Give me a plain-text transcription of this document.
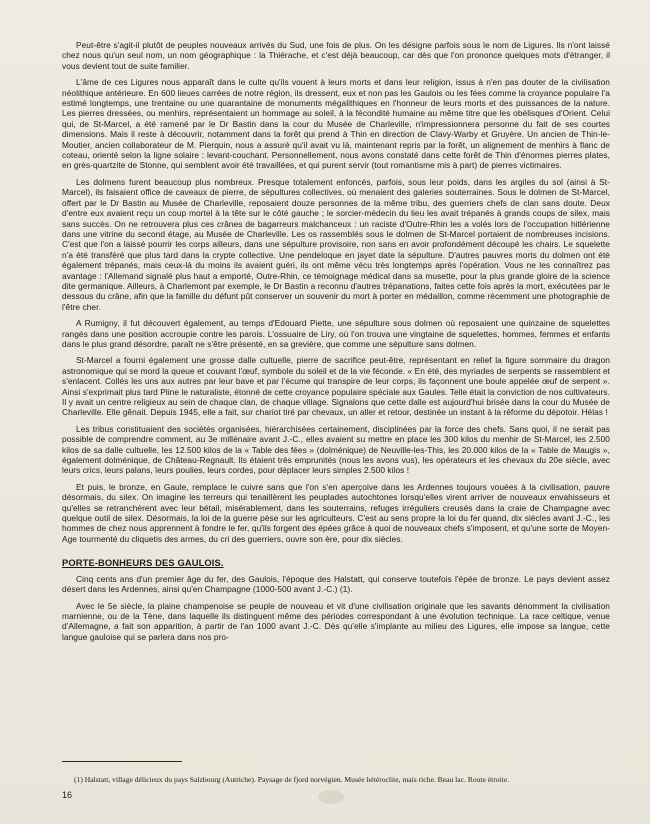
Peut-être s'agit-il plutôt de peuples nouveaux arrivés du Sud, une fois de plus. On les désigne parfois sous le nom de Ligures. Ils n'ont laissé chez nous qu'un seul nom, un nom géographique : la Thiérache, et c'est déjà beaucoup, car dès que l'on prononce quelques mots d'étranger, il vous devient tout de suite familier.

L'âme de ces Ligures nous apparaît dans le culte qu'ils vouent à leurs morts et dans leur religion, issus à n'en pas douter de la civilisation néolithique antérieure. En 600 lieues carrées de notre région, ils dressent, eux et non pas les Gaulois ou les fées comme la croyance populaire l'a estimé longtemps, une trentaine ou une quarantaine de monuments mégalithiques en l'honneur de leurs morts et des puissances de la nature. Les pierres dressées, ou menhirs, représentaient un hommage au soleil, à la fécondité humaine au même titre que les obélisques d'Orient. Celui qui, de St-Marcel, a été ramené par le Dr Bastin dans la cour du Musée de Charleville, n'impressionnera personne du fait de ses courtes dimensions. Mais il reste à découvrir, notamment dans la forêt qui prend à Thin en direction de Clavy-Warby et Gruyère. Un ancien de Thin-le-Moutier, ancien collaborateur de M. Pierquin, nous a assuré qu'il avait vu là, maintenant repris par la forêt, un alignement de menhirs à flanc de coteau, orienté selon la ligne solaire : levant-couchant. Personnellement, nous avons constaté dans cette forêt de Thin d'énormes pierres plates, en grès-quartzite de Stonne, qui semblent avoir été travaillées, et qui purent servir (tout romantisme mis à part) de pierres victimaires.

Les dolmens furent beaucoup plus nombreux. Presque totalement enfoncés, parfois, sous leur poids, dans les argiles du sol (ainsi à St-Marcel), ils faisaient office de caveaux de pierre, de sépultures collectives, où menaient des galeries souterraines. Sous le dolmen de St-Marcel, offert par le Dr Bastin au Musée de Charleville, reposaient douze personnes de la même tribu, des guerriers chefs de clan sans doute. Deux d'entre eux avaient reçu un coup mortel à la tête sur le côté gauche ; le sorcier-médecin du lieu les avait trépanés à grands coups de silex, mais sans succès. On ne retrouvera plus ces crânes de bagarreurs malchanceux : un raciste d'Outre-Rhin les a volés lors de l'occupation hitlérienne dans une vitrine du second étage, au Musée de Charleville. Les os rassemblés sous le dolmen de St-Marcel portaient de nombreuses incisions. C'est que l'on a laissé pourrir les corps ailleurs, dans une sépulture provisoire, non sans en avoir profondément découpé les chairs. Le squelette n'a été transféré que plus tard dans la crypte collective. Une pendeloque en jayet date la sépulture. D'autres pauvres morts du dolmen ont été également trépanés, mais ceux-là du moins ils avaient guéri, ils ont même vécu très longtemps après l'opération. Vous ne les connaîtrez pas avantage : l'Allemand signalé plus haut a emporté, Outre-Rhin, ce témoignage médical dans sa musette, pour la plus grande gloire de la science dite germanique. Ailleurs, à Charlemont par exemple, le Dr Bastin a reconnu d'autres trépanations, faites cette fois après la mort, exécutées par le dessous du crâne, afin que la famille du défunt pût conserver un souvenir du mort à porter en médaillon, comme récemment une photographie de l'être cher.

A Rumigny, il fut découvert également, au temps d'Edouard Piette, une sépulture sous dolmen où reposaient une quinzaine de squelettes rangés dans une position accroupie contre les parois. L'ossuaire de Liry, où l'on trouva une vingtaine de squelettes, hommes, femmes et enfants dans le plus grand désordre, paraît ne s'être présenté, en sa grevière, que comme une sépulture sans dolmen.

St-Marcel a fourni également une grosse dalle cultuelle, pierre de sacrifice peut-être, représentant en relief la figure sommaire du dragon astronomique qui se mord la queue et couvant l'œuf, symbole du soleil et de la vie féconde. « En été, des myriades de serpents se rassemblent et s'enlacent. Collés les uns aux autres par leur bave et par l'écume qui transpire de leur corps, ils façonnent une boule appelée œuf de serpent ». Ainsi s'exprimait plus tard Pline le naturaliste, étonné de cette croyance populaire spéciale aux Gaules. Telle était la conviction de nos cultivateurs. Il y avait un centre religieux au sein de chaque clan, de chaque village. Signalons que cette dalle est aujourd'hui brisée dans la cour du Musée de Charleville. Elle gênait. Depuis 1945, elle a fait, sur chariot tiré par chevaux, un aller et retour, destinée un instant à la réforme du dépotoir. Hélas !

Les tribus constituaient des sociétés organisées, hiérarchisées certainement, disciplinées par la force des chefs. Sans quoi, il ne serait pas possible de comprendre comment, au 3e millénaire avant J.-C., elles avaient su mettre en place les 300 kilos du menhir de St-Marcel, les 2.500 kilos de sa dalle cultuelle, les 12.500 kilos de la « Table des fées » (dolménique) de Neuville-les-This, les 20.000 kilos de la « Table de Maugis », également dolménique, de Château-Regnault. Ils étaient très emprunités (nous les avons vus), les opérateurs et les chevaux du 20e siècle, avec leurs crics, leurs palans, leurs poulies, leurs cordes, pour déplacer leurs simples 2.500 kilos !

Et puis, le bronze, en Gaule, remplace le cuivre sans que l'on s'en aperçoive dans les Ardennes toujours vouées à la civilisation, pauvre désormais, du silex. On imagine les terreurs qui tenaillèrent les peuplades autochtones lorsqu'elles virent arriver de nouveaux envahisseurs et qu'elles se retranchèrent avec leur bétail, misérablement, dans les souterrains, refuges irréguliers creusés dans la craie de Champagne avec quelque outil de silex. Désormais, la loi de la guerre pèse sur les agriculteurs. C'est au sens propre la loi du fer quand, dix siècles avant J.-C., les hommes de chez nous apprennent à fondre le fer, qu'ils forgent des épées grâce à quoi de nouveaux chefs s'imposent, et qu'une sorte de Moyen-Age tourmenté du cliquetis des armes, du cri des guerriers, ouvre son ère, pour dix siècles.

PORTE-BONHEURS DES GAULOIS.

Cinq cents ans d'un premier âge du fer, des Gaulois, l'époque des Halstatt, qui conserve toutefois l'épée de bronze. Le pays devient assez désert dans les Ardennes, ainsi qu'en Champagne (1000-500 avant J.-C.) (1).

Avec le 5e siècle, la plaine champenoise se peuple de nouveau et vit d'une civilisation originale que les savants dénomment la civilisation marnienne, ou de la Tène, dans laquelle ils distinguent même des périodes correspondant à une évolution technique. La race celtique, venue d'Allemagne, a fait son apparition, à partir de l'an 1000 avant J.-C. Dès qu'elle s'implante au milieu des Ligures, elle impose sa langue, cette langue gauloise qui se parlera dans nos pro-

(1) Halstatt, village délicieux du pays Salzbourg (Autriche). Paysage de fjord norvégien. Musée hétéroclite, mais riche. Beau lac. Route étroite.

16
